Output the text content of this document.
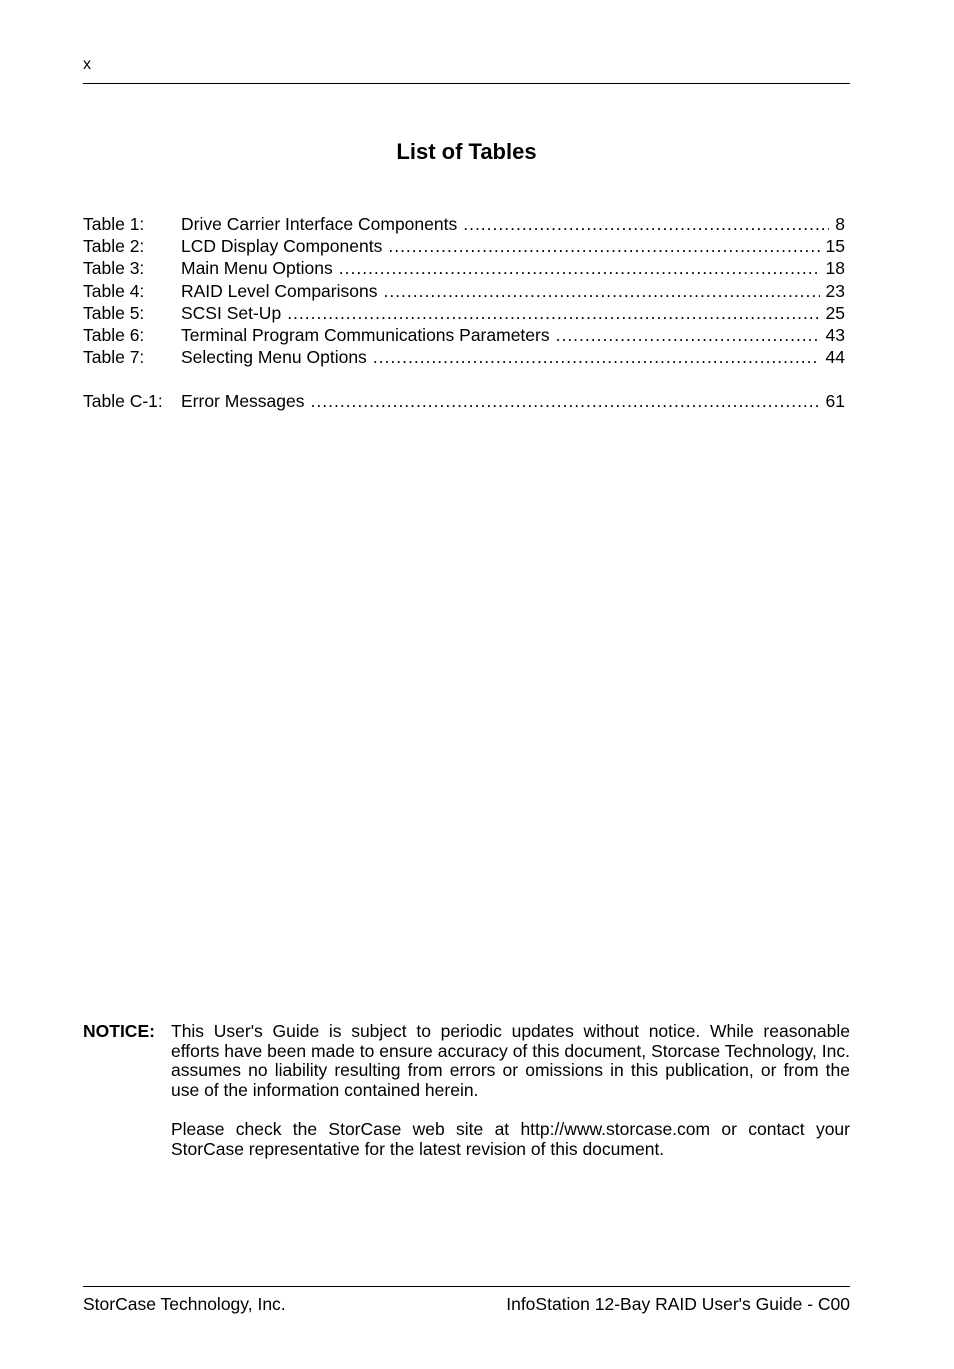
x
List of Tables
Table 1:	Drive Carrier Interface Components .....	8
Table 2:	LCD Display Components .....	15
Table 3:	Main Menu Options .....	18
Table 4:	RAID Level Comparisons .....	23
Table 5:	SCSI Set-Up .....	25
Table 6:	Terminal Program Communications Parameters .....	43
Table 7:	Selecting Menu Options .....	44
Table C-1:	Error Messages .....	61
NOTICE: This User's Guide is subject to periodic updates without notice. While reasonable efforts have been made to ensure accuracy of this document, Storcase Technology, Inc. assumes no liability resulting from errors or omissions in this publication, or from the use of the information contained herein.

Please check the StorCase web site at http://www.storcase.com or contact your StorCase representative for the latest revision of this document.

StorCase Technology, Inc.	InfoStation 12-Bay RAID User's Guide - C00
